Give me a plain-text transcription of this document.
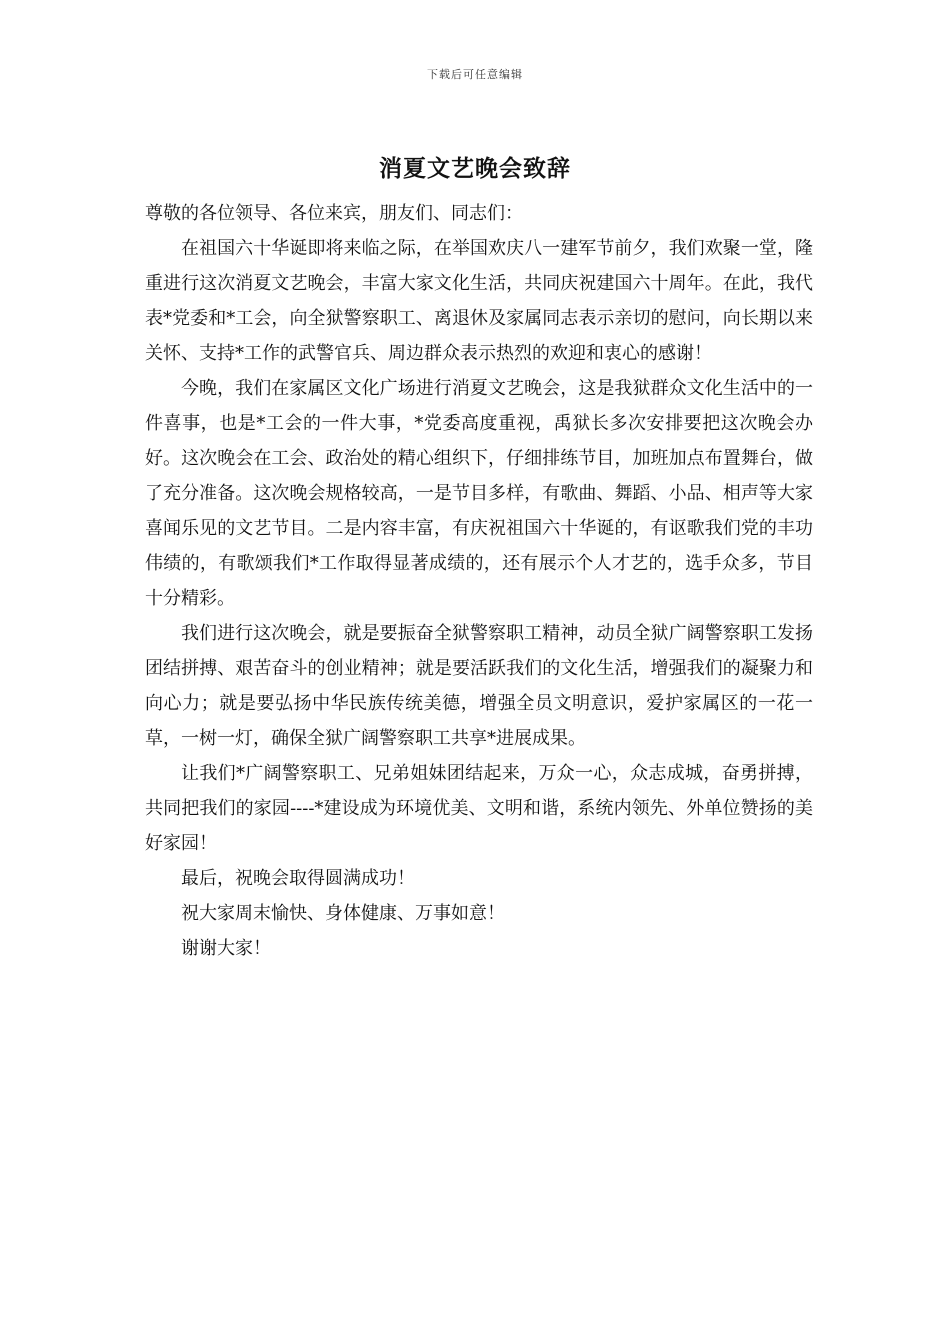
下载后可任意编辑
消夏文艺晚会致辞

尊敬的各位领导、各位来宾，朋友们、同志们：

在祖国六十华诞即将来临之际，在举国欢庆八一建军节前夕，我们欢聚一堂，隆重进行这次消夏文艺晚会，丰富大家文化生活，共同庆祝建国六十周年。在此，我代表*党委和*工会，向全狱警察职工、离退休及家属同志表示亲切的慰问，向长期以来关怀、支持*工作的武警官兵、周边群众表示热烈的欢迎和衷心的感谢！

今晚，我们在家属区文化广场进行消夏文艺晚会，这是我狱群众文化生活中的一件喜事，也是*工会的一件大事，*党委高度重视，禹狱长多次安排要把这次晚会办好。这次晚会在工会、政治处的精心组织下，仔细排练节目，加班加点布置舞台，做了充分准备。这次晚会规格较高，一是节目多样，有歌曲、舞蹈、小品、相声等大家喜闻乐见的文艺节目。二是内容丰富，有庆祝祖国六十华诞的，有讴歌我们党的丰功伟绩的，有歌颂我们*工作取得显著成绩的，还有展示个人才艺的，选手众多，节目十分精彩。

我们进行这次晚会，就是要振奋全狱警察职工精神，动员全狱广阔警察职工发扬团结拼搏、艰苦奋斗的创业精神；就是要活跃我们的文化生活，增强我们的凝聚力和向心力；就是要弘扬中华民族传统美德，增强全员文明意识，爱护家属区的一花一草，一树一灯，确保全狱广阔警察职工共享*进展成果。

让我们*广阔警察职工、兄弟姐妹团结起来，万众一心，众志成城，奋勇拼搏，共同把我们的家园----*建设成为环境优美、文明和谐，系统内领先、外单位赞扬的美好家园！

最后，祝晚会取得圆满成功！

祝大家周末愉快、身体健康、万事如意！

谢谢大家！
